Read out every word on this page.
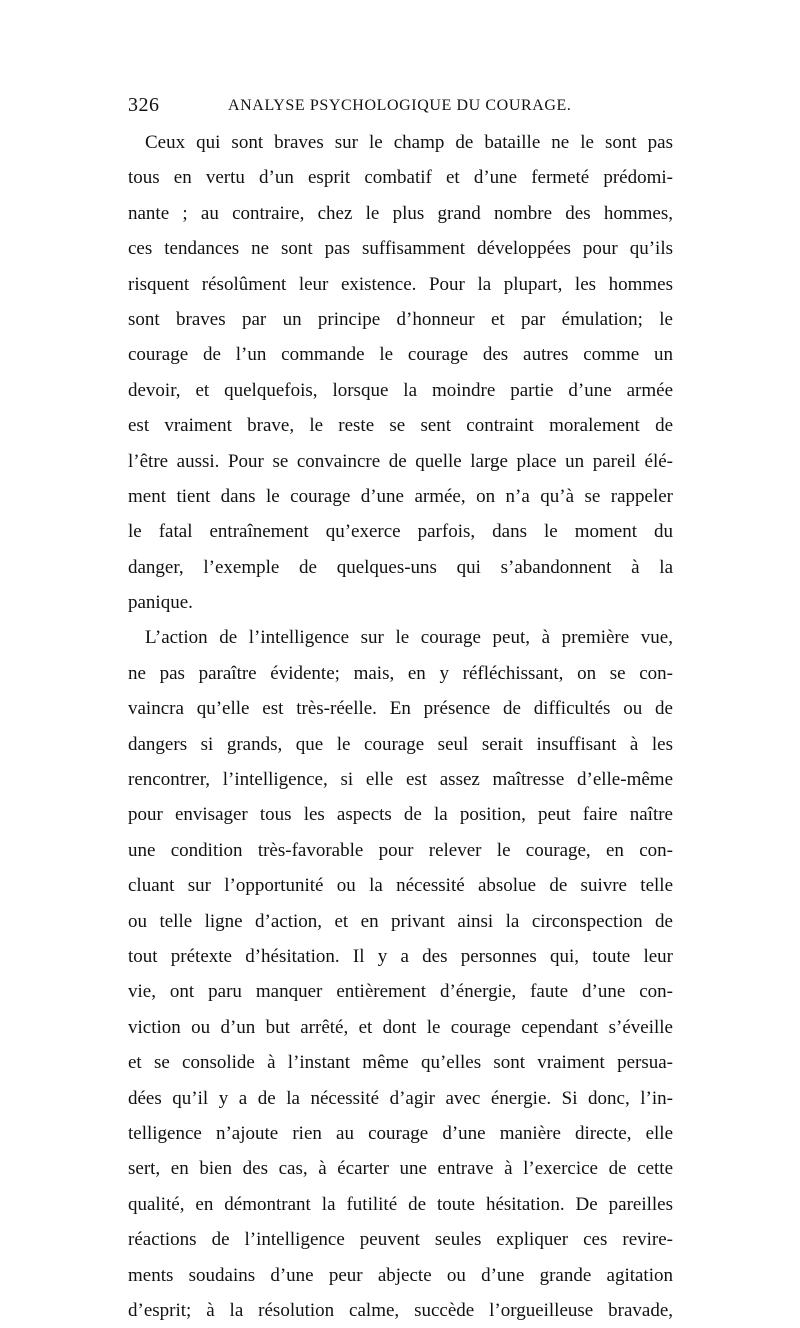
326	ANALYSE PSYCHOLOGIQUE DU COURAGE.
Ceux qui sont braves sur le champ de bataille ne le sont pas
tous en vertu d’un esprit combatif et d’une fermeté prédomi-
nante ; au contraire, chez le plus grand nombre des hommes,
ces tendances ne sont pas suffisamment développées pour qu’ils
risquent résolûment leur existence. Pour la plupart, les hommes
sont braves par un principe d’honneur et par émulation; le
courage de l’un commande le courage des autres comme un
devoir, et quelquefois, lorsque la moindre partie d’une armée
est vraiment brave, le reste se sent contraint moralement de
l’être aussi. Pour se convaincre de quelle large place un pareil élé-
ment tient dans le courage d’une armée, on n’a qu’à se rappeler
le fatal entraînement qu’exerce parfois, dans le moment du
danger, l’exemple de quelques-uns qui s’abandonnent à la
panique.
L’action de l’intelligence sur le courage peut, à première vue,
ne pas paraître évidente; mais, en y réfléchissant, on se con-
vaincra qu’elle est très-réelle. En présence de difficultés ou de
dangers si grands, que le courage seul serait insuffisant à les
rencontrer, l’intelligence, si elle est assez maîtresse d’elle-même
pour envisager tous les aspects de la position, peut faire naître
une condition très-favorable pour relever le courage, en con-
cluant sur l’opportunité ou la nécessité absolue de suivre telle
ou telle ligne d’action, et en privant ainsi la circonspection de
tout prétexte d’hésitation. Il y a des personnes qui, toute leur
vie, ont paru manquer entièrement d’énergie, faute d’une con-
viction ou d’un but arrêté, et dont le courage cependant s’éveille
et se consolide à l’instant même qu’elles sont vraiment persua-
dées qu’il y a de la nécessité d’agir avec énergie. Si donc, l’in-
telligence n’ajoute rien au courage d’une manière directe, elle
sert, en bien des cas, à écarter une entrave à l’exercice de cette
qualité, en démontrant la futilité de toute hésitation. De pareilles
réactions de l’intelligence peuvent seules expliquer ces revire-
ments soudains d’une peur abjecte ou d’une grande agitation
d’esprit; à la résolution calme, succède l’orgueilleuse bravade,
